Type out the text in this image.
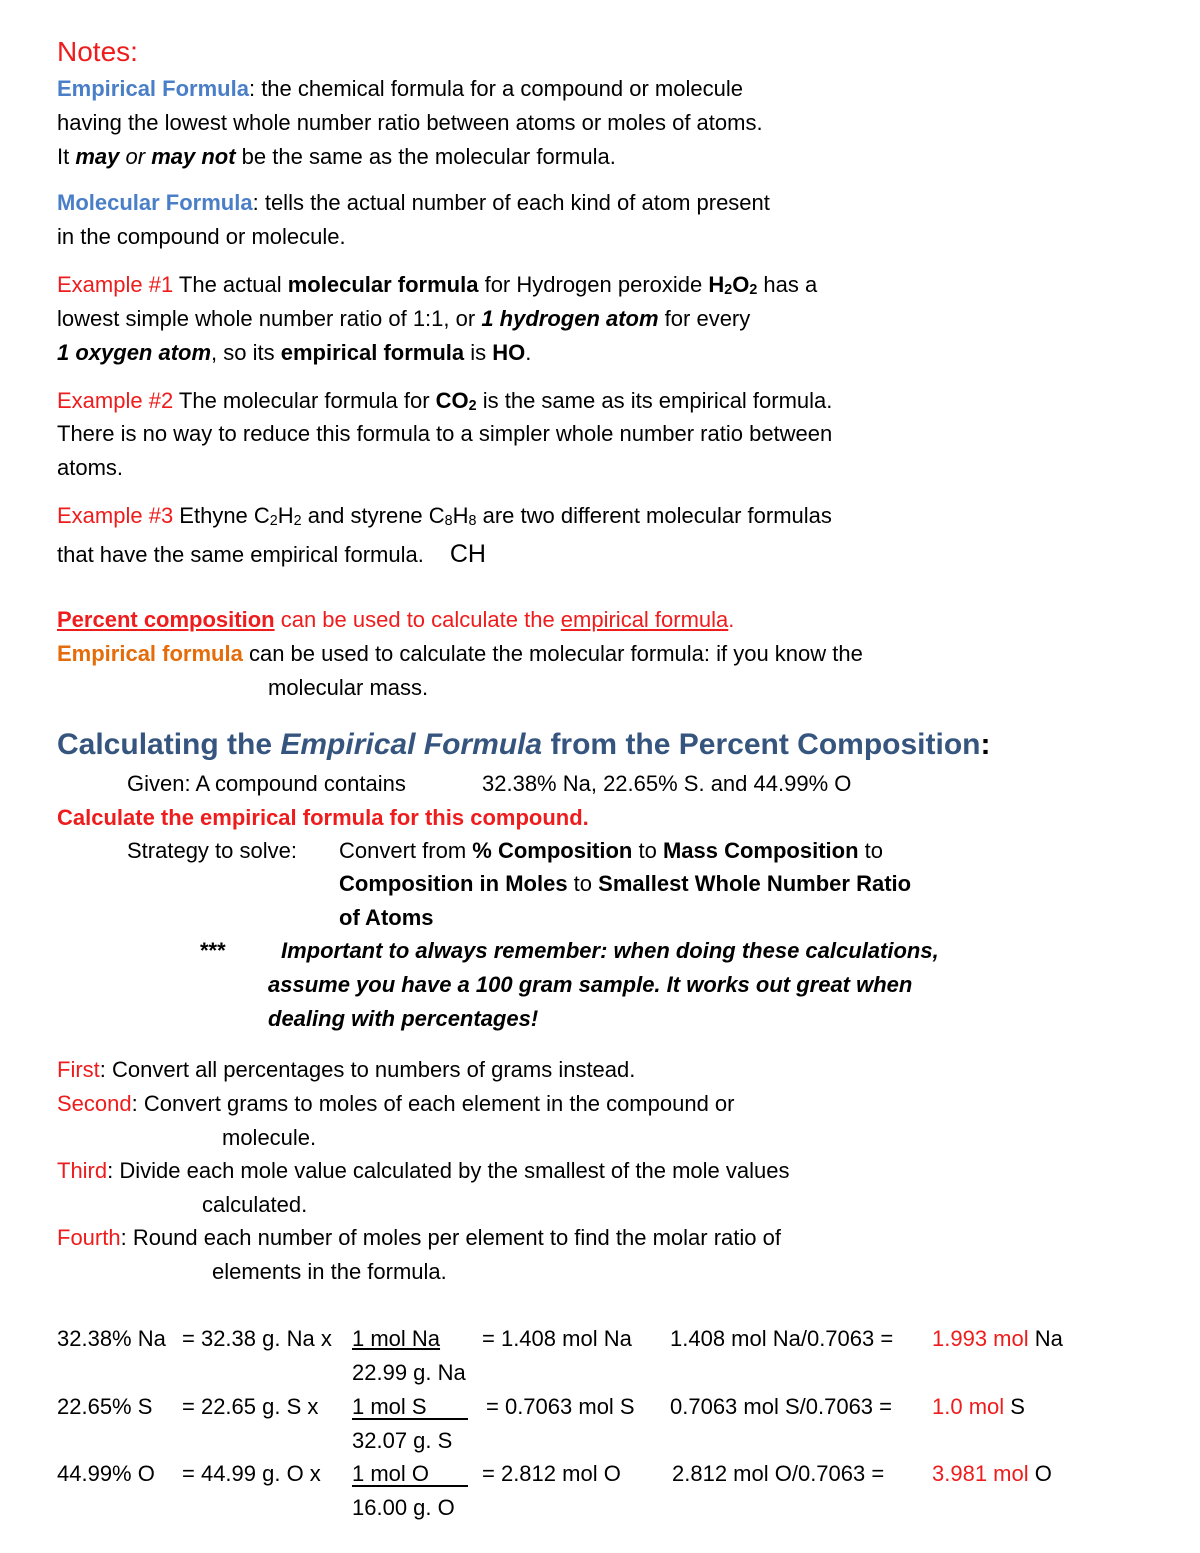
Notes:
Empirical Formula: the chemical formula for a compound or molecule
having the lowest whole number ratio between atoms or moles of atoms.
It may or may not be the same as the molecular formula.
Molecular Formula: tells the actual number of each kind of atom present
in the compound or molecule.
Example #1 The actual molecular formula for Hydrogen peroxide $H_2O_2$ has a
lowest simple whole number ratio of 1:1, or 1 hydrogen atom for every
1 oxygen atom, so its empirical formula is HO.
Example #2 The molecular formula for $CO_2$ is the same as its empirical formula.
There is no way to reduce this formula to a simpler whole number ratio between
atoms.
Example #3 Ethyne $C_2H_2$ and styrene $C_8H_8$ are two different molecular formulas
that have the same empirical formula. CH
Percent composition can be used to calculate the empirical formula.
Empirical formula can be used to calculate the molecular formula: if you know the
molecular mass.
Calculating the Empirical Formula from the Percent Composition:
Given: A compound contains	32.38% Na, 22.65% S. and 44.99% O
Calculate the empirical formula for this compound.
Strategy to solve: Convert from % Composition to Mass Composition to
Composition in Moles to Smallest Whole Number Ratio
of Atoms
***	Important to always remember: when doing these calculations,
assume you have a 100 gram sample. It works out great when
dealing with percentages!
First: Convert all percentages to numbers of grams instead.
Second: Convert grams to moles of each element in the compound or
molecule.
Third: Divide each mole value calculated by the smallest of the mole values
calculated.
Fourth: Round each number of moles per element to find the molar ratio of
elements in the formula.
32.38% Na = 32.38 g. Na x 1 mol Na
22.99 g. Na
= 1.408 mol Na 1.408 mol Na/0.7063 = 1.993 mol Na
22.65% S = 22.65 g. S x 1 mol S
32.07 g. S
= 0.7063 mol S 0.7063 mol S/0.7063 = 1.0 mol S
44.99% O = 44.99 g. O x 1 mol O
16.00 g. O
= 2.812 mol O 2.812 mol O/0.7063 = 3.981 mol O
